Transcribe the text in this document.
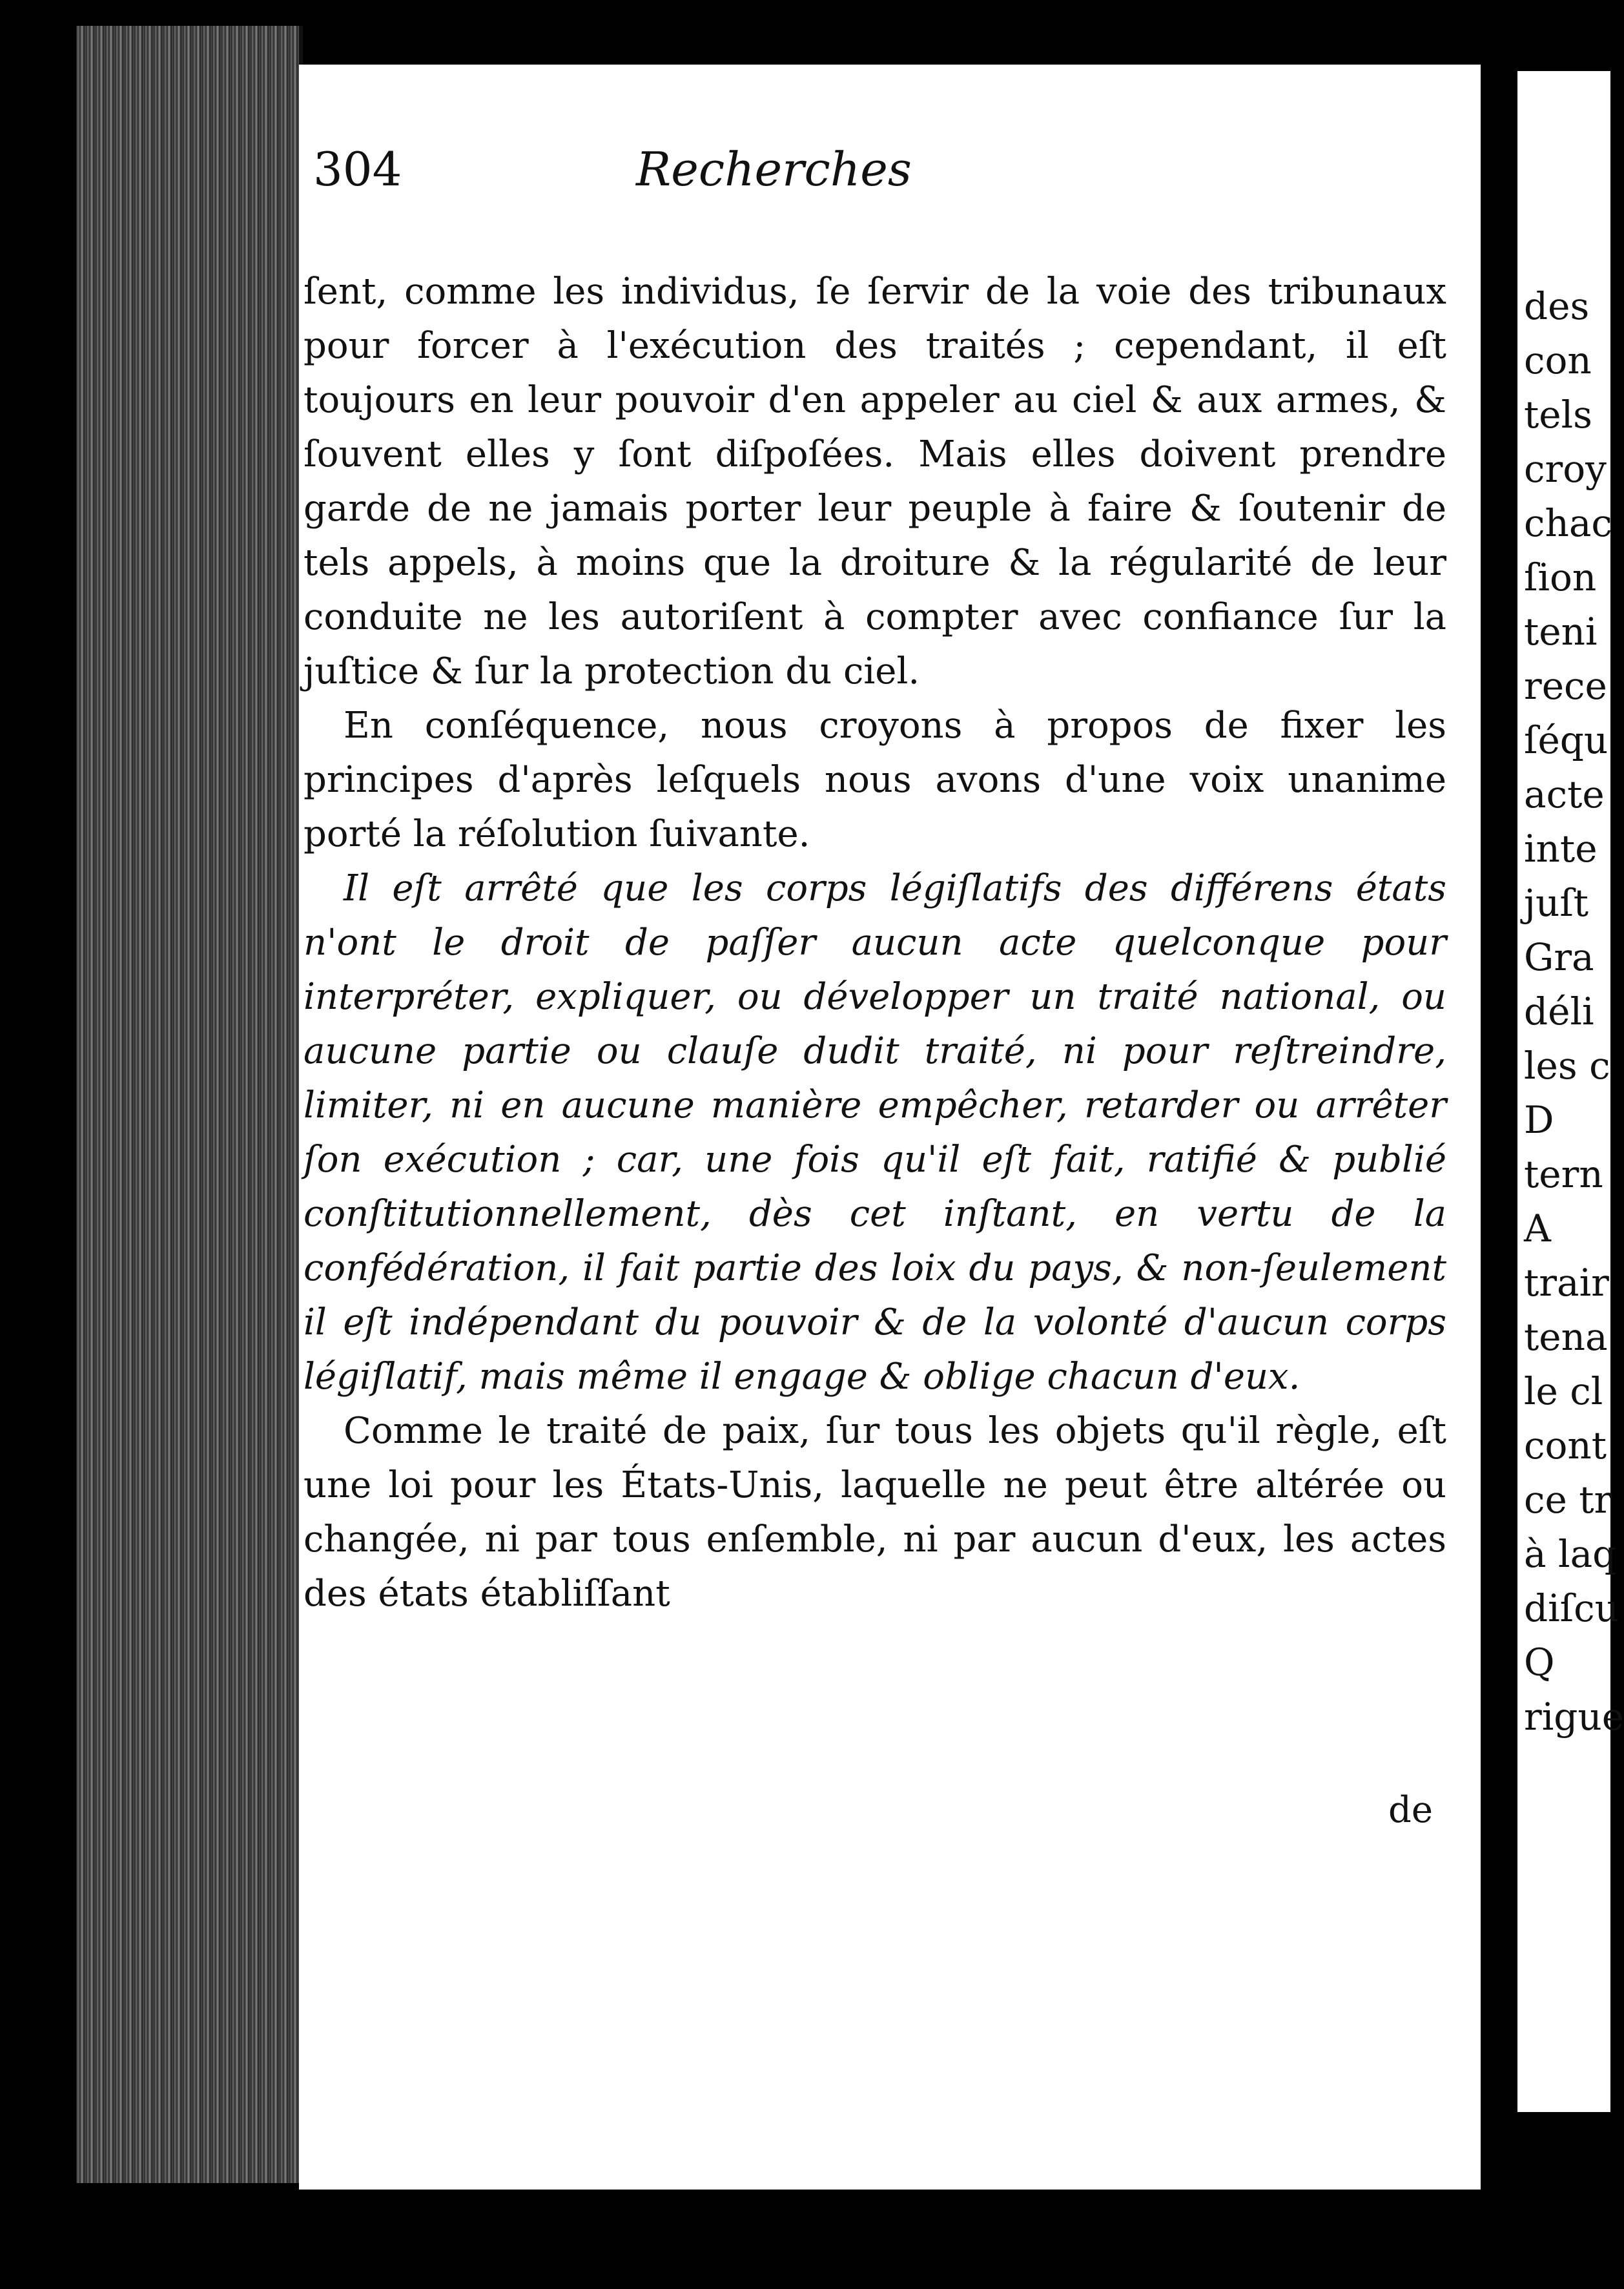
des
con
tels
croy
chac
ſion
teni
rece
ſéqu
acte
inte
juſt
Gra
déli
les c
D
tern
A
trair
tena
le cl
cont
ce tr
à laq
diſcu
Q
rigue
304	Recherches

ſent, comme les individus, ſe ſervir de la voie des tribunaux pour forcer à l'exécution des traités ; cependant, il eſt toujours en leur pouvoir d'en appeler au ciel & aux armes, & ſouvent elles y ſont diſpoſées. Mais elles doivent prendre garde de ne jamais porter leur peuple à faire & ſoutenir de tels appels, à moins que la droiture & la régularité de leur conduite ne les autoriſent à compter avec confiance ſur la juſtice & ſur la protection du ciel.

En conſéquence, nous croyons à propos de fixer les principes d'après leſquels nous avons d'une voix unanime porté la réſolution ſuivante.

Il eſt arrêté que les corps légiſlatifs des différens états n'ont le droit de paſſer aucun acte quelconque pour interpréter, expliquer, ou développer un traité national, ou aucune partie ou clauſe dudit traité, ni pour reſtreindre, limiter, ni en aucune manière empêcher, retarder ou arrêter ſon exécution ; car, une fois qu'il eſt fait, ratifié & publié conſtitutionnellement, dès cet inſtant, en vertu de la confédération, il fait partie des loix du pays, & non-ſeulement il eſt indépendant du pouvoir & de la volonté d'aucun corps légiſlatif, mais même il engage & oblige chacun d'eux.

Comme le traité de paix, ſur tous les objets qu'il règle, eſt une loi pour les États-Unis, laquelle ne peut être altérée ou changée, ni par tous enſemble, ni par aucun d'eux, les actes des états établiſſant

de
